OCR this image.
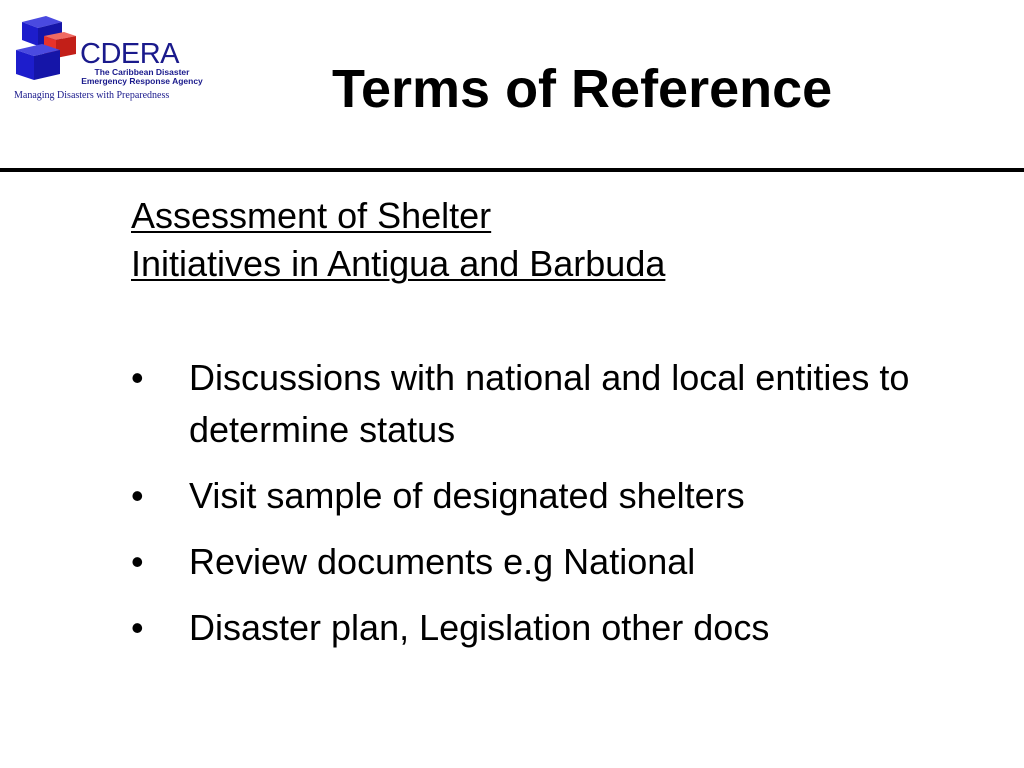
CDERA
The Caribbean Disaster
Emergency Response Agency
Managing Disasters with Preparedness	Terms of Reference
Assessment of Shelter
Initiatives in Antigua and Barbuda
•	Discussions with national and local entities to determine status
•	Visit sample of designated shelters
•	Review documents e.g National
•	Disaster plan, Legislation other docs
